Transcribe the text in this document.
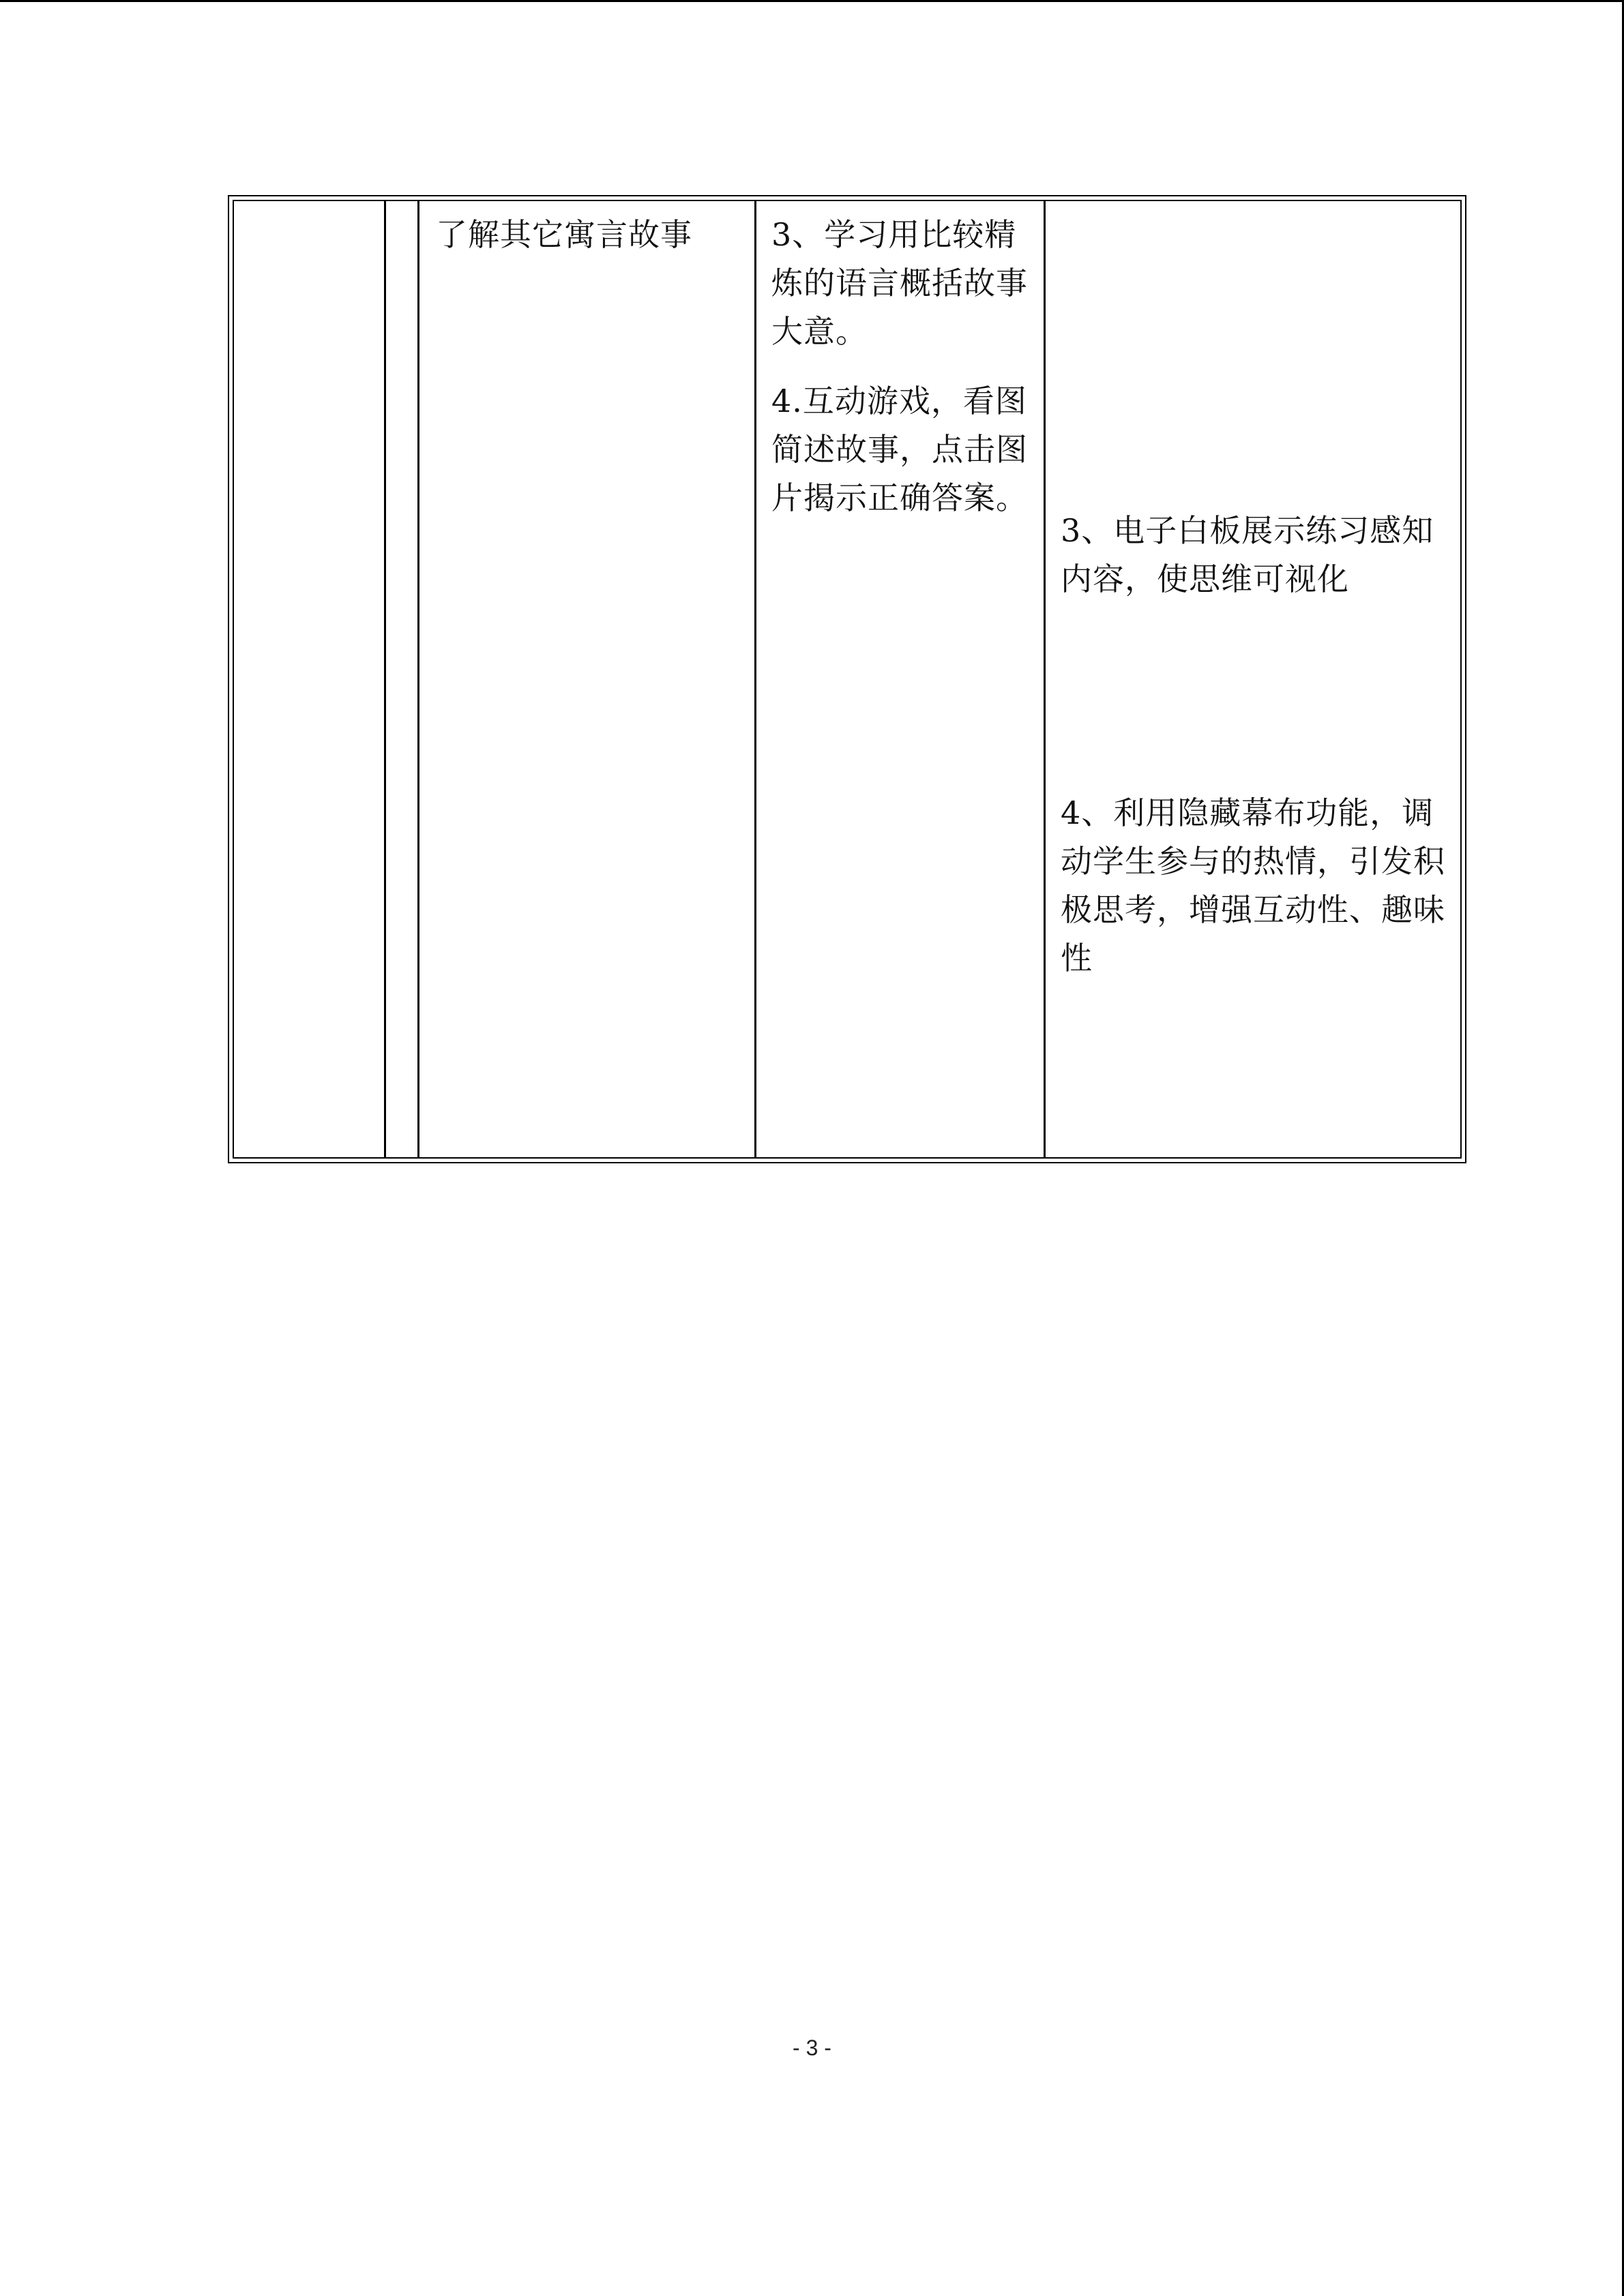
了解其它寓言故事	3、学习用比较精炼的语言概括故事大意。
4.互动游戏，看图简述故事，点击图片揭示正确答案。
3、电子白板展示练习感知内容，使思维可视化
4、利用隐藏幕布功能，调动学生参与的热情，引发积极思考，增强互动性、趣味性
- 3 -
